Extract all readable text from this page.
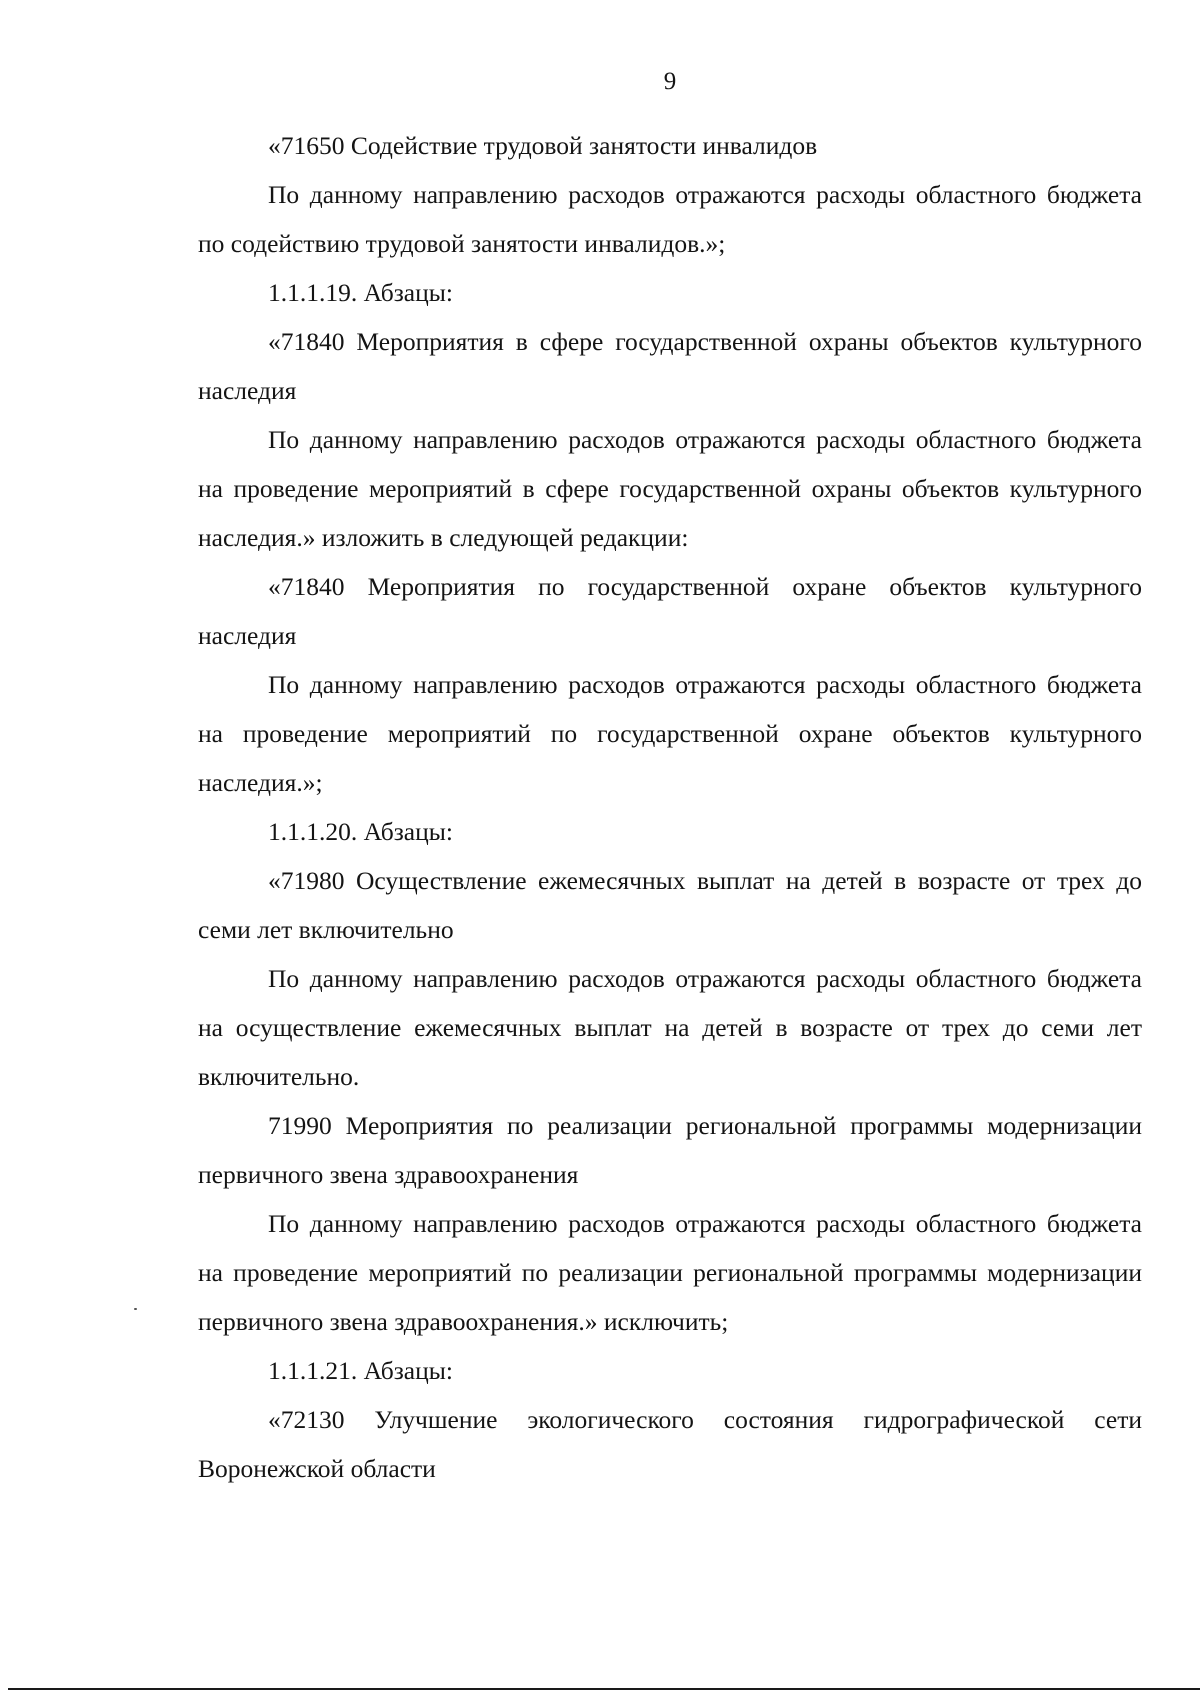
9

«71650 Содействие трудовой занятости инвалидов

По данному направлению расходов отражаются расходы областного бюджета по содействию трудовой занятости инвалидов.»;

1.1.1.19. Абзацы:

«71840 Мероприятия в сфере государственной охраны объектов культурного наследия

По данному направлению расходов отражаются расходы областного бюджета на проведение мероприятий в сфере государственной охраны объектов культурного наследия.» изложить в следующей редакции:

«71840 Мероприятия по государственной охране объектов культурного наследия

По данному направлению расходов отражаются расходы областного бюджета на проведение мероприятий по государственной охране объектов культурного наследия.»;

1.1.1.20. Абзацы:

«71980 Осуществление ежемесячных выплат на детей в возрасте от трех до семи лет включительно

По данному направлению расходов отражаются расходы областного бюджета на осуществление ежемесячных выплат на детей в возрасте от трех до семи лет включительно.

71990 Мероприятия по реализации региональной программы модернизации первичного звена здравоохранения

По данному направлению расходов отражаются расходы областного бюджета на проведение мероприятий по реализации региональной программы модернизации первичного звена здравоохранения.» исключить;

1.1.1.21. Абзацы:

«72130 Улучшение экологического состояния гидрографической сети Воронежской области
